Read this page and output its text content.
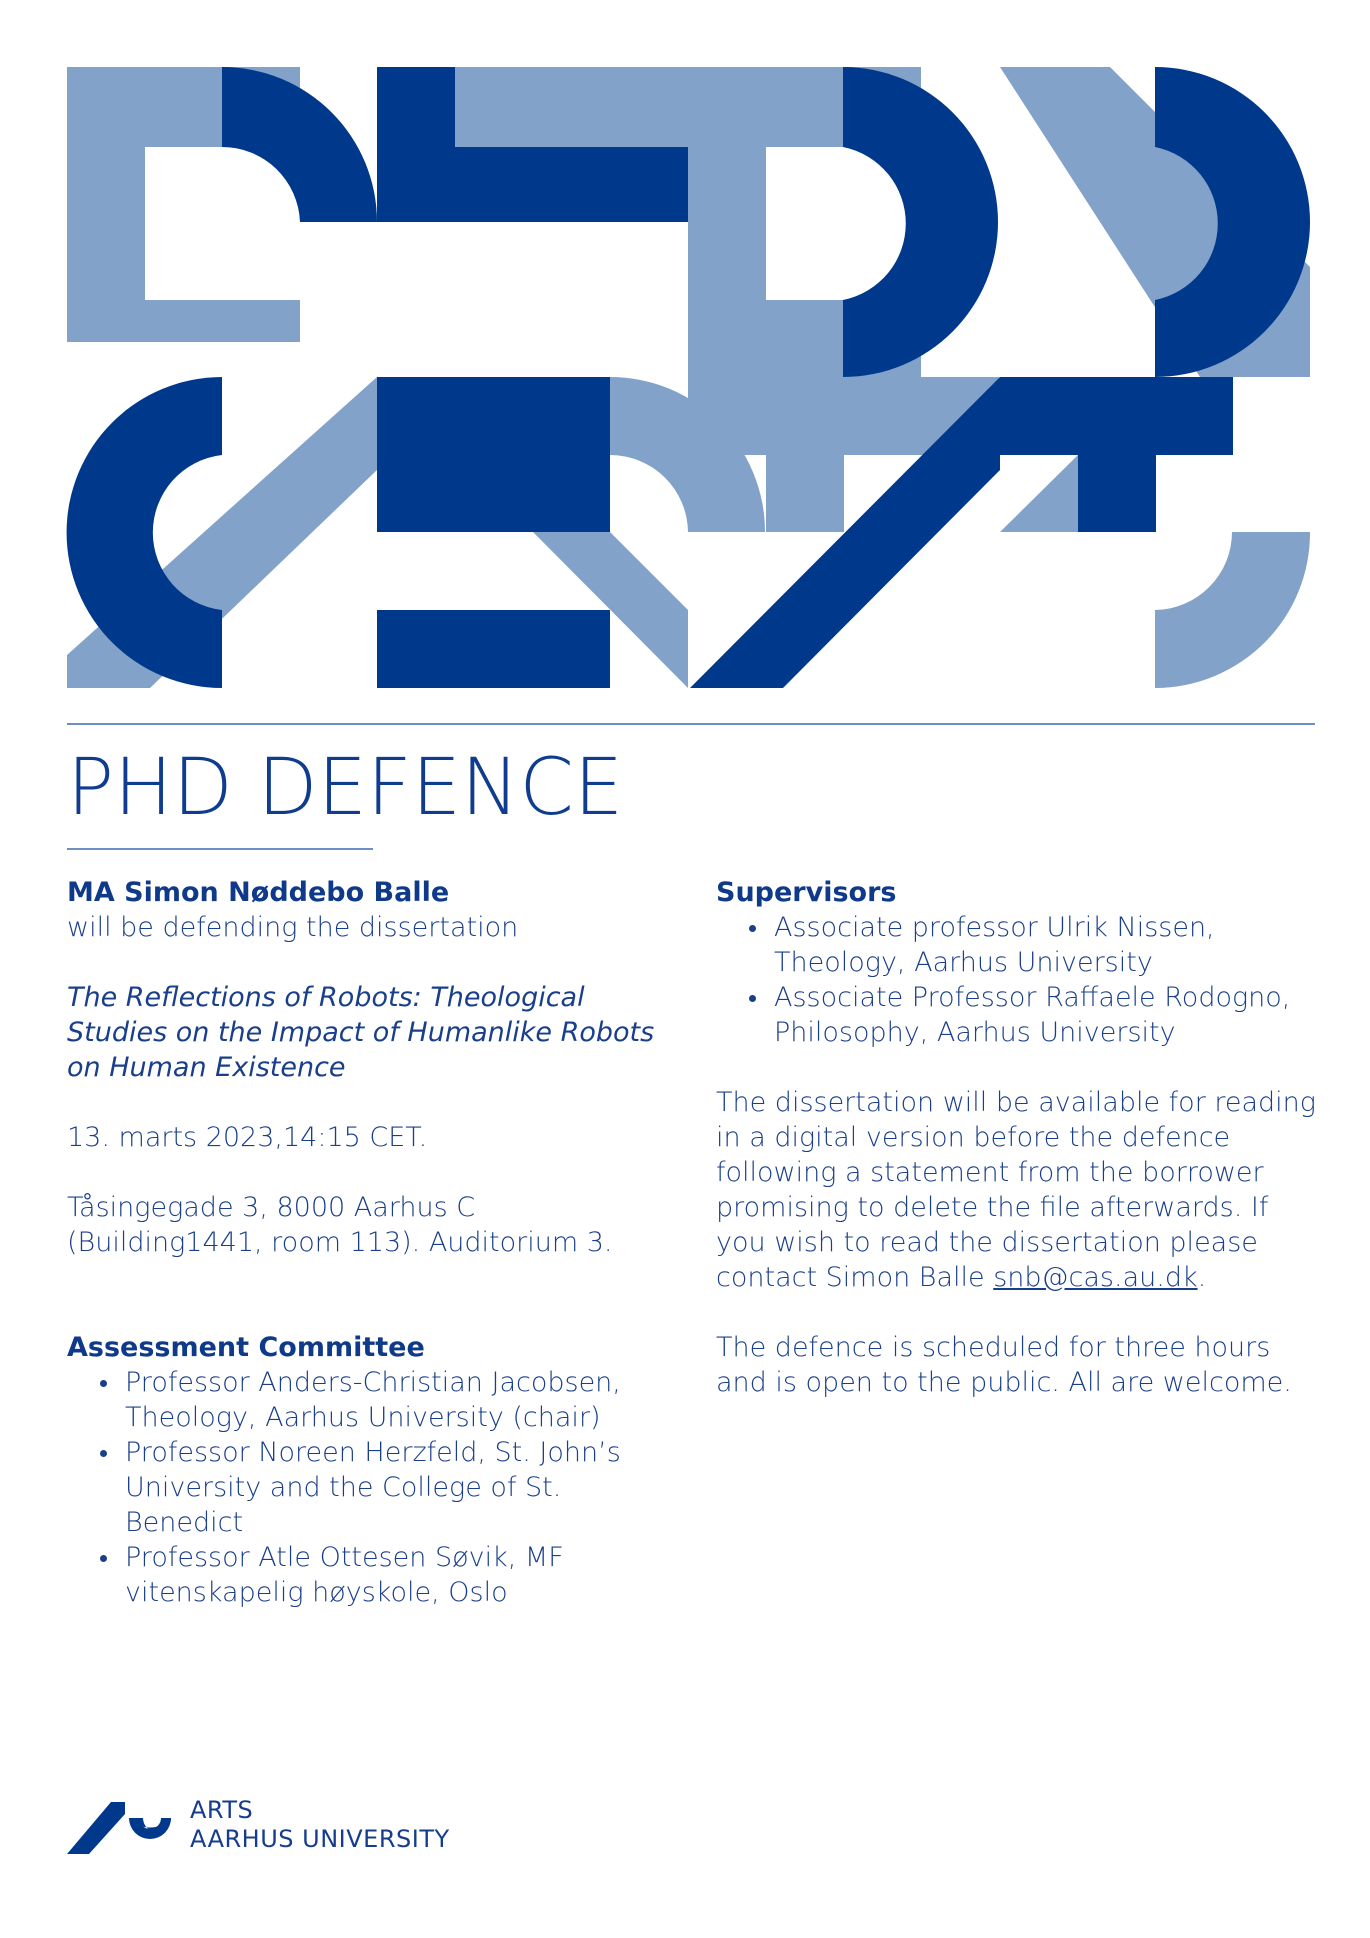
PHD DEFENCE

MA Simon Nøddebo Balle

will be defending the dissertation

The Reflections of Robots: Theological Studies on the Impact of Humanlike Robots on Human Existence

13. marts 2023,14:15 CET.

Tåsingegade 3, 8000 Aarhus C (Building1441, room 113). Auditorium 3.

Assessment Committee

Professor Anders-Christian Jacobsen, Theology, Aarhus University (chair)
Professor Noreen Herzfeld, St. John’s University and the College of St. Benedict
Professor Atle Ottesen Søvik, MF vitenskapelig høyskole, Oslo

Supervisors

Associate professor Ulrik Nissen, Theology, Aarhus University
Associate Professor Raffaele Rodogno, Philosophy, Aarhus University

The dissertation will be available for reading in a digital version before the defence following a statement from the borrower promising to delete the file afterwards. If you wish to read the dissertation please contact Simon Balle snb@cas.au.dk.

The defence is scheduled for three hours and is open to the public. All are welcome.

ARTS
AARHUS UNIVERSITY
